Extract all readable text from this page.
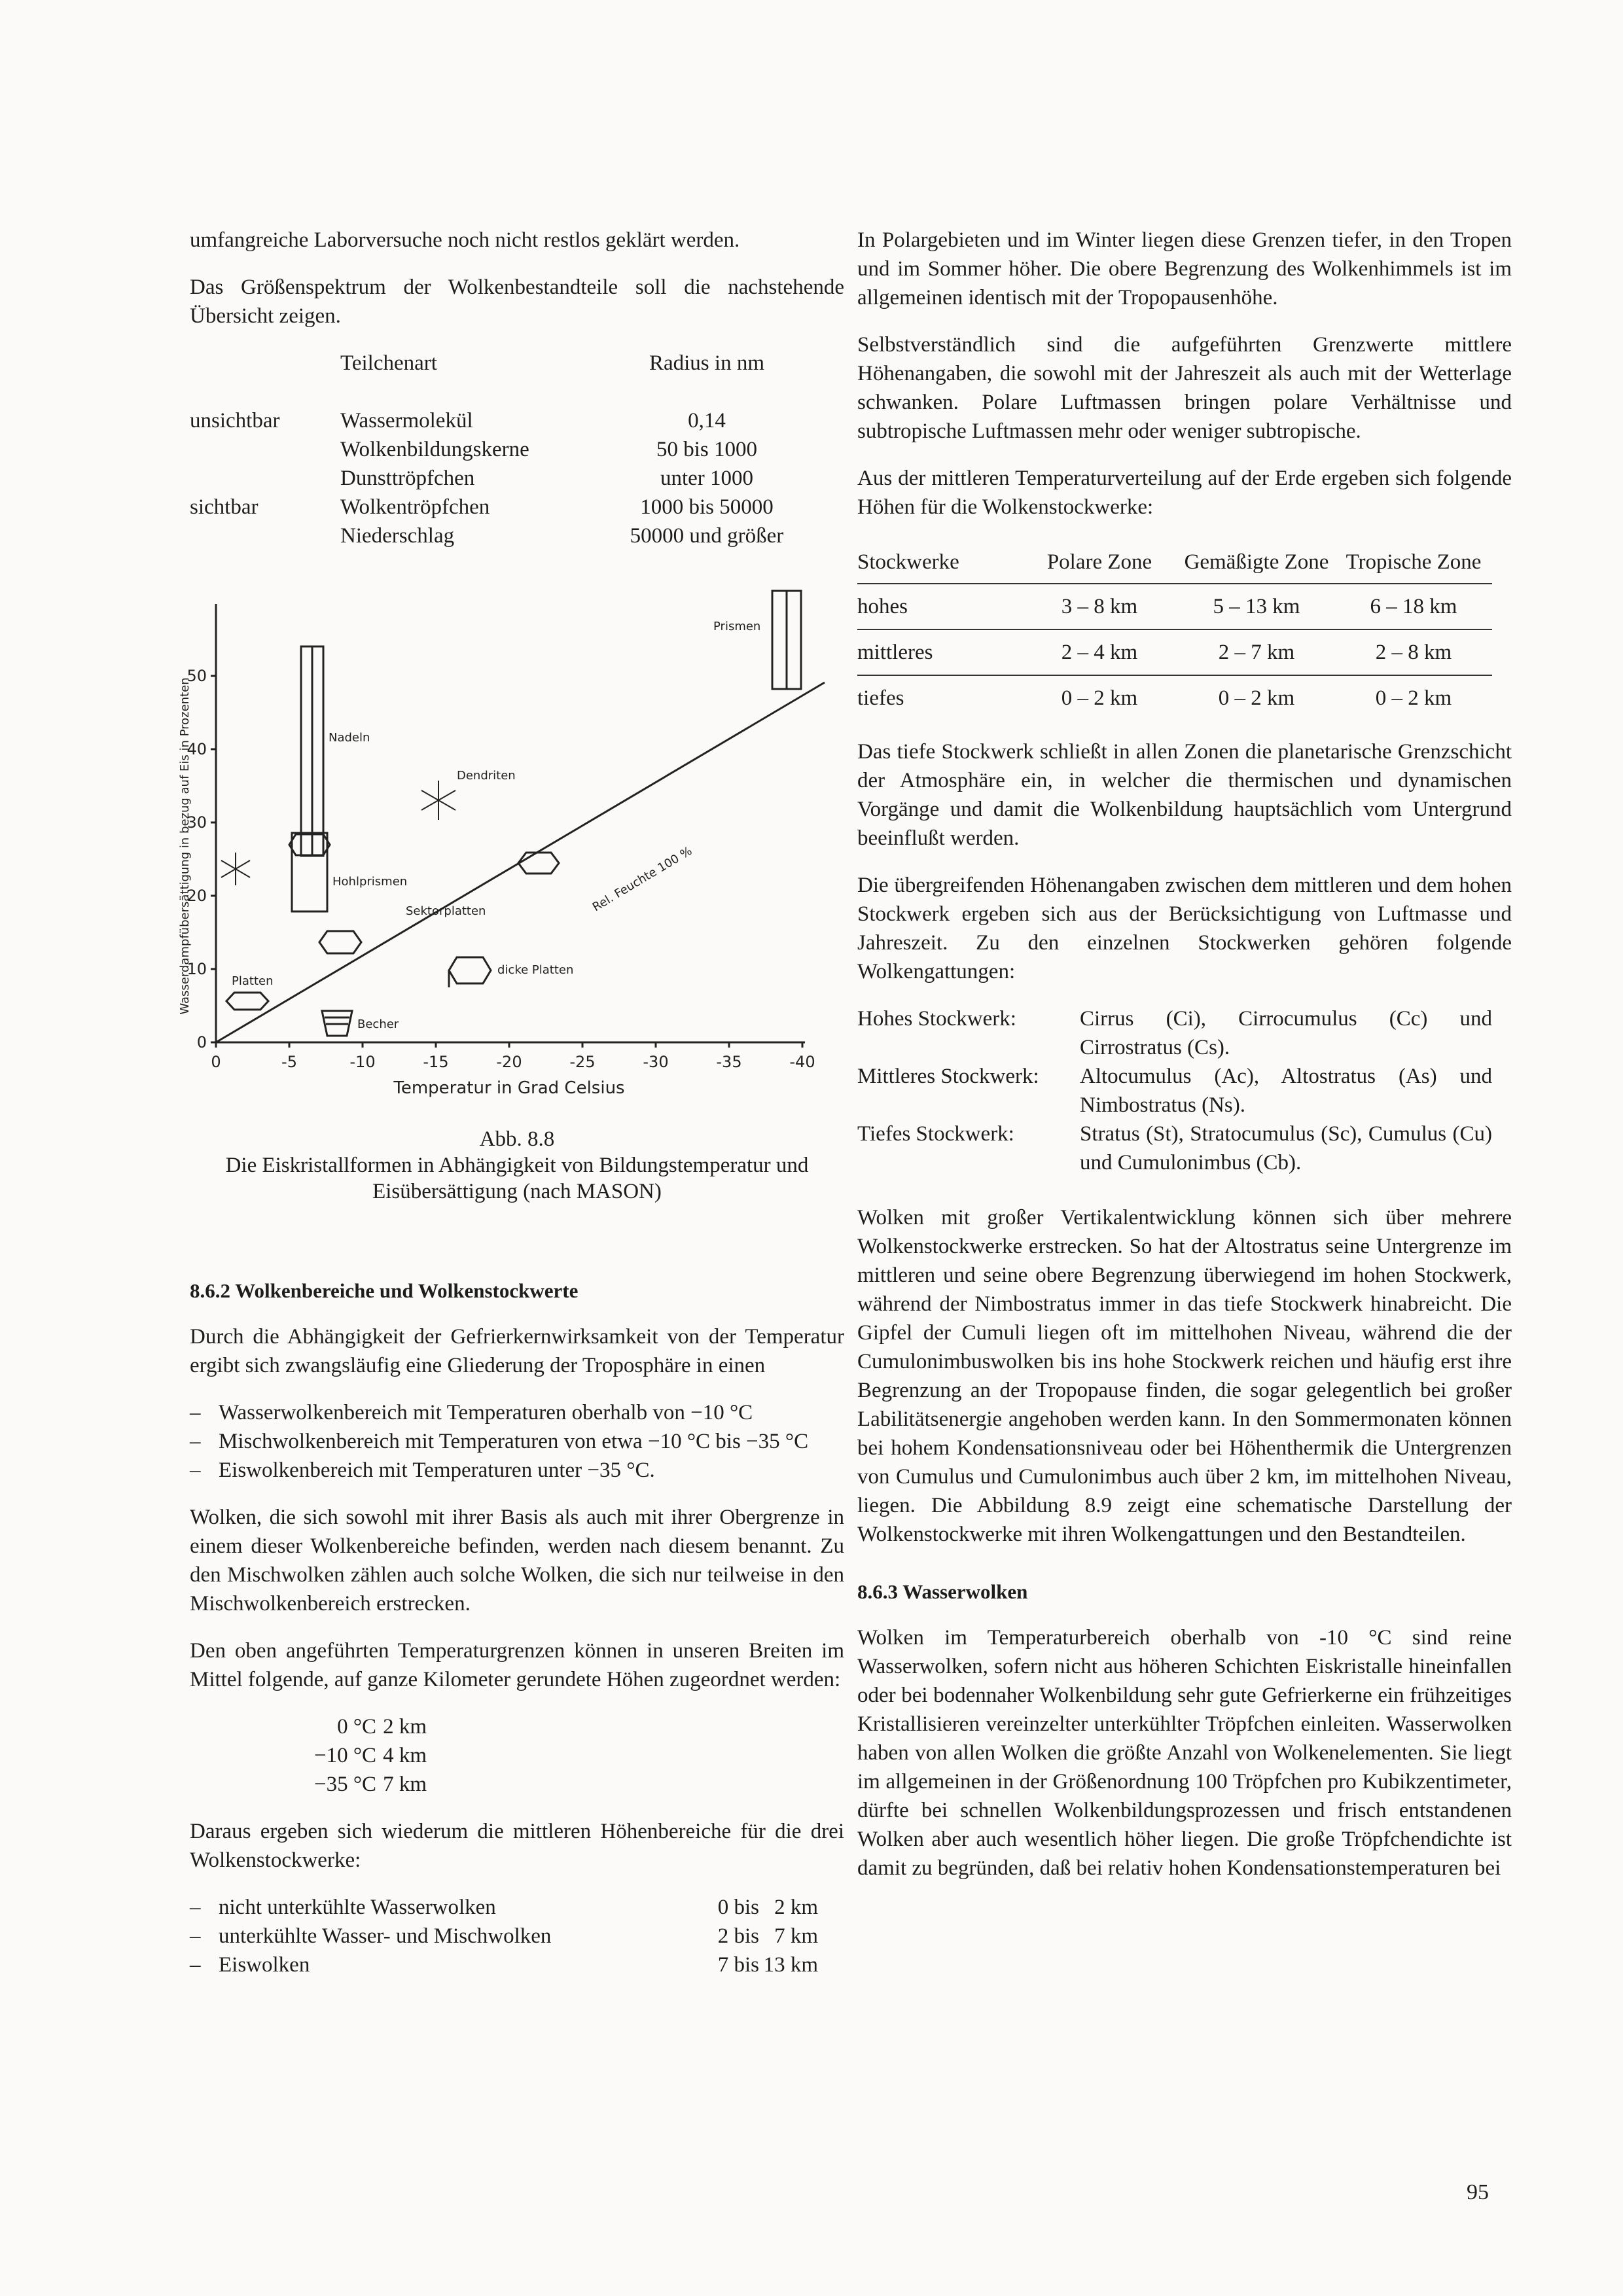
umfangreiche Laborversuche noch nicht restlos geklärt werden.

Das Größenspektrum der Wolkenbestandteile soll die nachstehende Übersicht zeigen.

	Teilchenart	Radius in nm
unsichtbar	Wassermolekül	0,14
	Wolkenbildungskerne	50 bis 1000
	Dunsttröpfchen	unter 1000
sichtbar	Wolkentröpfchen	1000 bis 50000
	Niederschlag	50000 und größer
Platten
Becher
Nadeln
Hohlprismen
Sektorplatten
Dendriten
dicke Platten
Prismen
Rel. Feuchte 100 %
0
10
20
30
40
50
0	-5	-10	-15	-20	-25	-30	-35	-40
Temperatur in Grad Celsius
Wasserdampfübersättigung in bezug auf Eis in Prozenten
Abb. 8.8
Die Eiskristallformen in Abhängigkeit von Bildungstemperatur und Eisübersättigung (nach MASON)
8.6.2 Wolkenbereiche und Wolkenstockwerte

Durch die Abhängigkeit der Gefrierkernwirksamkeit von der Temperatur ergibt sich zwangsläufig eine Gliederung der Troposphäre in einen

– Wasserwolkenbereich mit Temperaturen oberhalb von −10 °C
– Mischwolkenbereich mit Temperaturen von etwa −10 °C bis −35 °C
– Eiswolkenbereich mit Temperaturen unter −35 °C.

Wolken, die sich sowohl mit ihrer Basis als auch mit ihrer Obergrenze in einem dieser Wolkenbereiche befinden, werden nach diesem benannt. Zu den Mischwolken zählen auch solche Wolken, die sich nur teilweise in den Mischwolkenbereich erstrecken.

Den oben angeführten Temperaturgrenzen können in unseren Breiten im Mittel folgende, auf ganze Kilometer gerundete Höhen zugeordnet werden:

0 °C	2 km
−10 °C	4 km
−35 °C	7 km

Daraus ergeben sich wiederum die mittleren Höhenbereiche für die drei Wolkenstockwerke:

–	nicht unterkühlte Wasserwolken	0 bis	2 km
–	unterkühlte Wasser- und Mischwolken	2 bis	7 km
–	Eiswolken	7 bis	13 km

In Polargebieten und im Winter liegen diese Grenzen tiefer, in den Tropen und im Sommer höher. Die obere Begrenzung des Wolkenhimmels ist im allgemeinen identisch mit der Tropopausenhöhe.

Selbstverständlich sind die aufgeführten Grenzwerte mittlere Höhenangaben, die sowohl mit der Jahreszeit als auch mit der Wetterlage schwanken. Polare Luftmassen bringen polare Verhältnisse und subtropische Luftmassen mehr oder weniger subtropische.

Aus der mittleren Temperaturverteilung auf der Erde ergeben sich folgende Höhen für die Wolkenstockwerke:

Stockwerke	Polare Zone	Gemäßigte Zone	Tropische Zone
hohes	3 – 8 km	5 – 13 km	6 – 18 km
mittleres	2 – 4 km	2 – 7 km	2 – 8 km
tiefes	0 – 2 km	0 – 2 km	0 – 2 km

Das tiefe Stockwerk schließt in allen Zonen die planetarische Grenzschicht der Atmosphäre ein, in welcher die thermischen und dynamischen Vorgänge und damit die Wolkenbildung hauptsächlich vom Untergrund beeinflußt werden.

Die übergreifenden Höhenangaben zwischen dem mittleren und dem hohen Stockwerk ergeben sich aus der Berücksichtigung von Luftmasse und Jahreszeit. Zu den einzelnen Stockwerken gehören folgende Wolkengattungen:

Hohes Stockwerk:	Cirrus (Ci), Cirrocumulus (Cc) und Cirrostratus (Cs).
Mittleres Stockwerk:	Altocumulus (Ac), Altostratus (As) und Nimbostratus (Ns).
Tiefes Stockwerk:	Stratus (St), Stratocumulus (Sc), Cumulus (Cu) und Cumulonimbus (Cb).

Wolken mit großer Vertikalentwicklung können sich über mehrere Wolkenstockwerke erstrecken. So hat der Altostratus seine Untergrenze im mittleren und seine obere Begrenzung überwiegend im hohen Stockwerk, während der Nimbostratus immer in das tiefe Stockwerk hinabreicht. Die Gipfel der Cumuli liegen oft im mittelhohen Niveau, während die der Cumulonimbuswolken bis ins hohe Stockwerk reichen und häufig erst ihre Begrenzung an der Tropopause finden, die sogar gelegentlich bei großer Labilitätsenergie angehoben werden kann. In den Sommermonaten können bei hohem Kondensationsniveau oder bei Höhenthermik die Untergrenzen von Cumulus und Cumulonimbus auch über 2 km, im mittelhohen Niveau, liegen. Die Abbildung 8.9 zeigt eine schematische Darstellung der Wolkenstockwerke mit ihren Wolkengattungen und den Bestandteilen.

8.6.3 Wasserwolken

Wolken im Temperaturbereich oberhalb von -10 °C sind reine Wasserwolken, sofern nicht aus höheren Schichten Eiskristalle hineinfallen oder bei bodennaher Wolkenbildung sehr gute Gefrierkerne ein frühzeitiges Kristallisieren vereinzelter unterkühlter Tröpfchen einleiten. Wasserwolken haben von allen Wolken die größte Anzahl von Wolkenelementen. Sie liegt im allgemeinen in der Größenordnung 100 Tröpfchen pro Kubikzentimeter, dürfte bei schnellen Wolkenbildungsprozessen und frisch entstandenen Wolken aber auch wesentlich höher liegen. Die große Tröpfchendichte ist damit zu begründen, daß bei relativ hohen Kondensationstemperaturen bei

95
